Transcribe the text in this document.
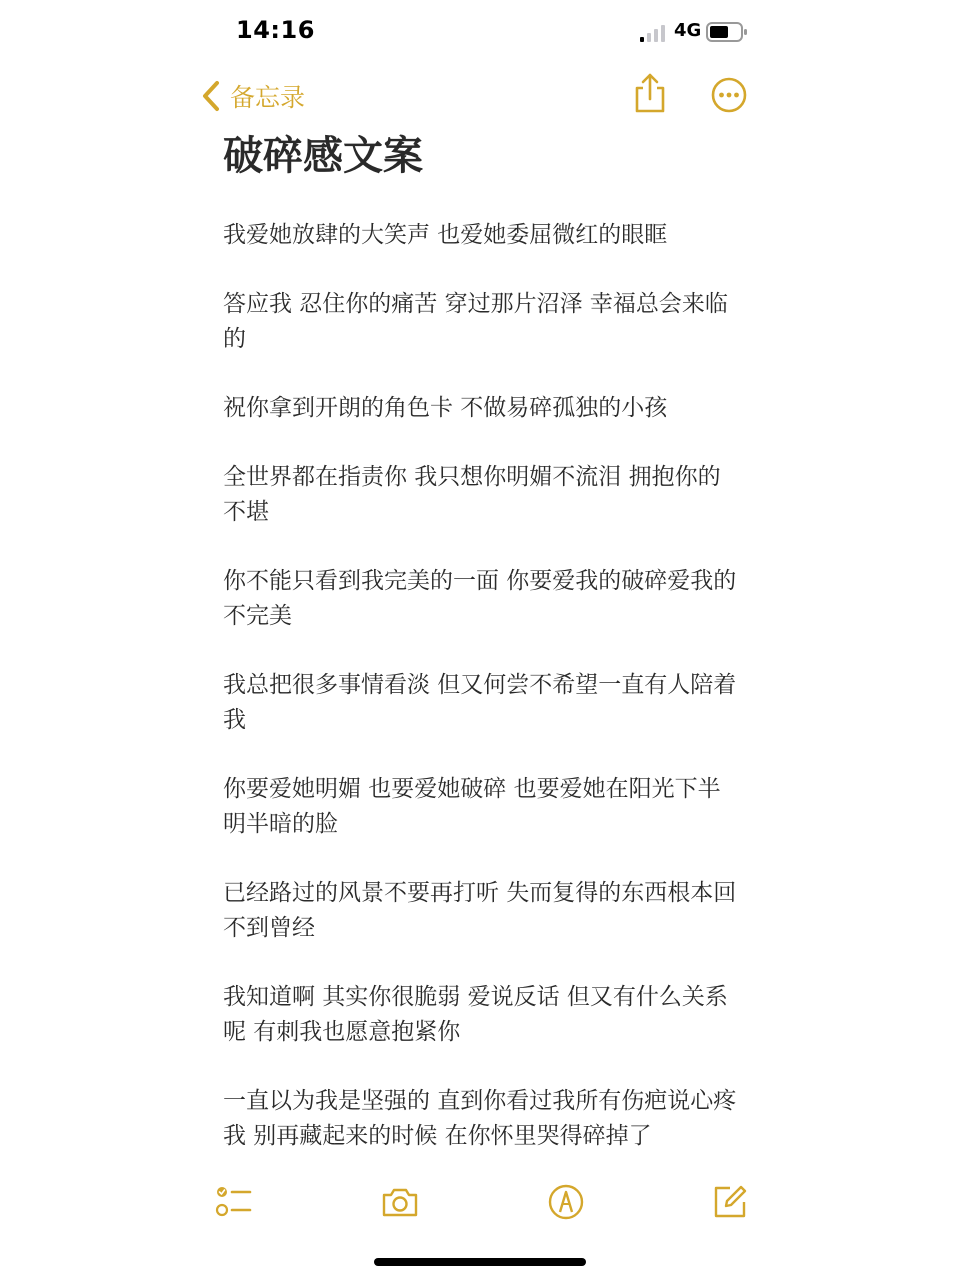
14:16	4G
备忘录
破碎感文案

我爱她放肆的大笑声 也爱她委屈微红的眼眶

答应我 忍住你的痛苦 穿过那片沼泽 幸福总会来临的

祝你拿到开朗的角色卡 不做易碎孤独的小孩

全世界都在指责你 我只想你明媚不流泪 拥抱你的不堪

你不能只看到我完美的一面 你要爱我的破碎爱我的不完美

我总把很多事情看淡 但又何尝不希望一直有人陪着我

你要爱她明媚 也要爱她破碎 也要爱她在阳光下半明半暗的脸

已经路过的风景不要再打听 失而复得的东西根本回不到曾经

我知道啊 其实你很脆弱 爱说反话 但又有什么关系呢 有刺我也愿意抱紧你

一直以为我是坚强的 直到你看过我所有伤疤说心疼我 别再藏起来的时候 在你怀里哭得碎掉了
